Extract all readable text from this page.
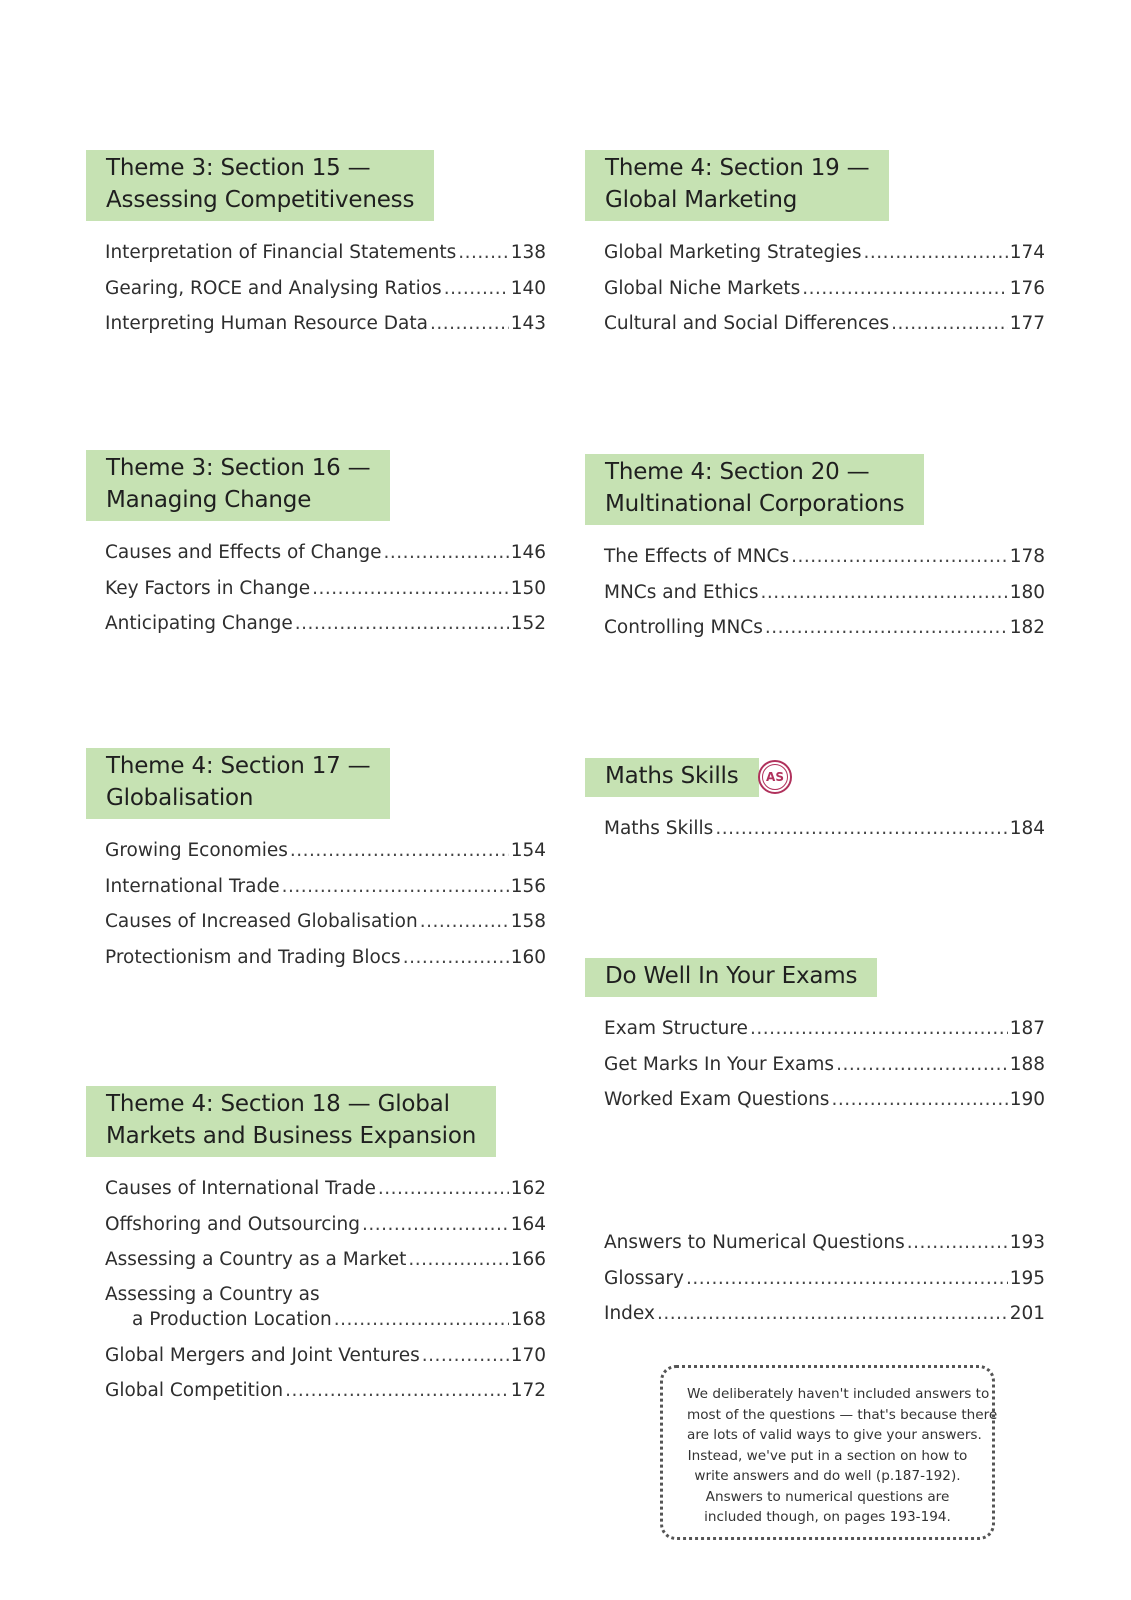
Theme 3: Section 15 —
Assessing Competitiveness
Interpretation of Financial Statements .....	138
Gearing, ROCE and Analysing Ratios .....	140
Interpreting Human Resource Data .....	143
Theme 3: Section 16 —
Managing Change
Causes and Effects of Change .....	146
Key Factors in Change .....	150
Anticipating Change .....	152
Theme 4: Section 17 —
Globalisation
Growing Economies .....	154
International Trade .....	156
Causes of Increased Globalisation .....	158
Protectionism and Trading Blocs .....	160
Theme 4: Section 18 — Global
Markets and Business Expansion
Causes of International Trade .....	162
Offshoring and Outsourcing .....	164
Assessing a Country as a Market .....	166
Assessing a Country as
a Production Location .....	168
Global Mergers and Joint Ventures .....	170
Global Competition .....	172
Theme 4: Section 19 —
Global Marketing
Global Marketing Strategies .....	174
Global Niche Markets .....	176
Cultural and Social Differences .....	177
Theme 4: Section 20 —
Multinational Corporations
The Effects of MNCs .....	178
MNCs and Ethics .....	180
Controlling MNCs .....	182
Maths Skills
Maths Skills .....	184
AS
Do Well In Your Exams
Exam Structure .....	187
Get Marks In Your Exams .....	188
Worked Exam Questions .....	190
Answers to Numerical Questions .....	193
Glossary .....	195
Index .....	201
We deliberately haven't included answers to
most of the questions — that's because there
are lots of valid ways to give your answers.
Instead, we've put in a section on how to
write answers and do well (p.187-192).
Answers to numerical questions are
included though, on pages 193-194.
